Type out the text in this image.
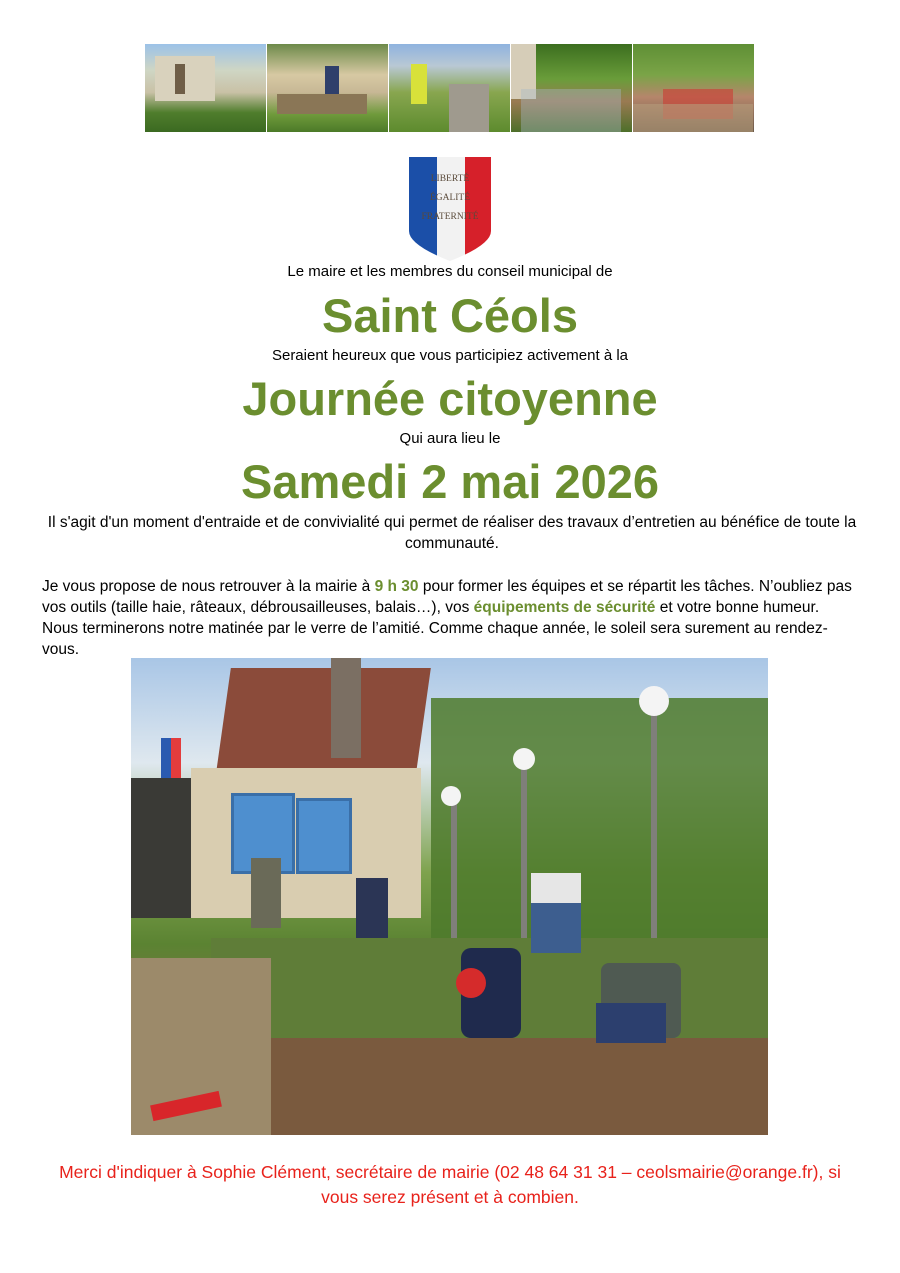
LIBERTÉ
ÉGALITÉ
FRATERNITÉ
Le maire et les membres du conseil municipal de
Saint Céols
Seraient heureux que vous participiez activement à la
Journée citoyenne
Qui aura lieu le
Samedi 2 mai 2026
Il s'agit d'un moment d'entraide et de convivialité qui permet de réaliser des travaux d’entretien au bénéfice de toute la communauté.
Je vous propose de nous retrouver à la mairie à 9 h 30 pour former les équipes et se répartit les tâches. N’oubliez pas vos outils (taille haie, râteaux, débrousailleuses, balais…), vos équipements de sécurité et votre bonne humeur.
Nous terminerons notre matinée par le verre de l’amitié. Comme chaque année, le soleil sera surement au rendez-vous.
Merci d'indiquer à Sophie Clément, secrétaire de mairie (02 48 64 31 31 – ceolsmairie@orange.fr), si vous serez présent et à combien.
